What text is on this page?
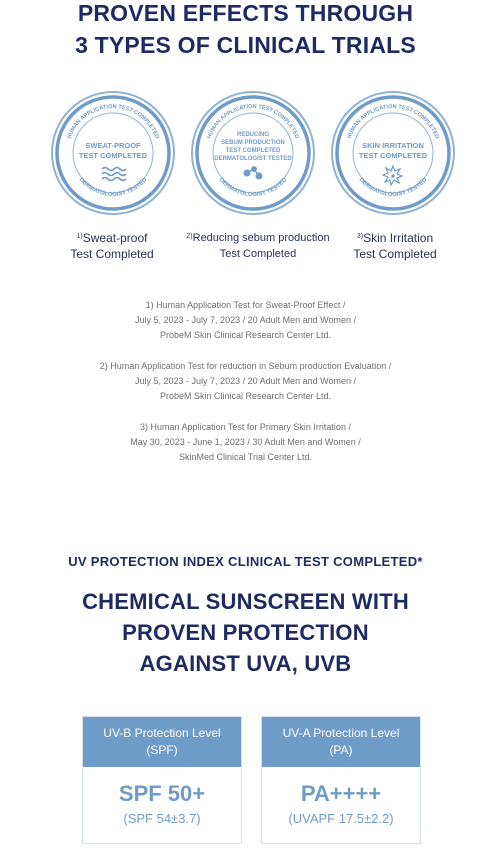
PROVEN EFFECTS THROUGH
3 TYPES OF CLINICAL TRIALS
HUMAN APPLICATION TEST COMPLETED
DERMATOLOGIST TESTED
SWEAT-PROOF
TEST COMPLETED
HUMAN APPLICATION TEST COMPLETED
DERMATOLOGIST TESTED
REDUCING
SEBUM PRODUCTION
TEST COMPLETED
DERMATOLOGIST TESTED
HUMAN APPLICATION TEST COMPLETED
DERMATOLOGIST TESTED
SKIN IRRITATION
TEST COMPLETED
$^{1)}$Sweat-proof
Test Completed
$^{2)}$Reducing sebum production
Test Completed
$^{3)}$Skin Irritation
Test Completed
1) Human Application Test for Sweat-Proof Effect /
July 5, 2023 - July 7, 2023 / 20 Adult Men and Women /
ProbeM Skin Clinical Research Center Ltd.
2) Human Application Test for reduction in Sebum production Evaluation /
July 5, 2023 - July 7, 2023 / 20 Adult Men and Women /
ProbeM Skin Clinical Research Center Ltd.
3) Human Application Test for Primary Skin Irritation /
May 30, 2023 - June 1, 2023 / 30 Adult Men and Women /
SkinMed Clinical Trial Center Ltd.
UV PROTECTION INDEX CLINICAL TEST COMPLETED*
CHEMICAL SUNSCREEN WITH
PROVEN PROTECTION
AGAINST UVA, UVB
UV-B Protection Level
(SPF)
SPF 50+
(SPF 54±3.7)
UV-A Protection Level
(PA)
PA++++
(UVAPF 17.5±2.2)
